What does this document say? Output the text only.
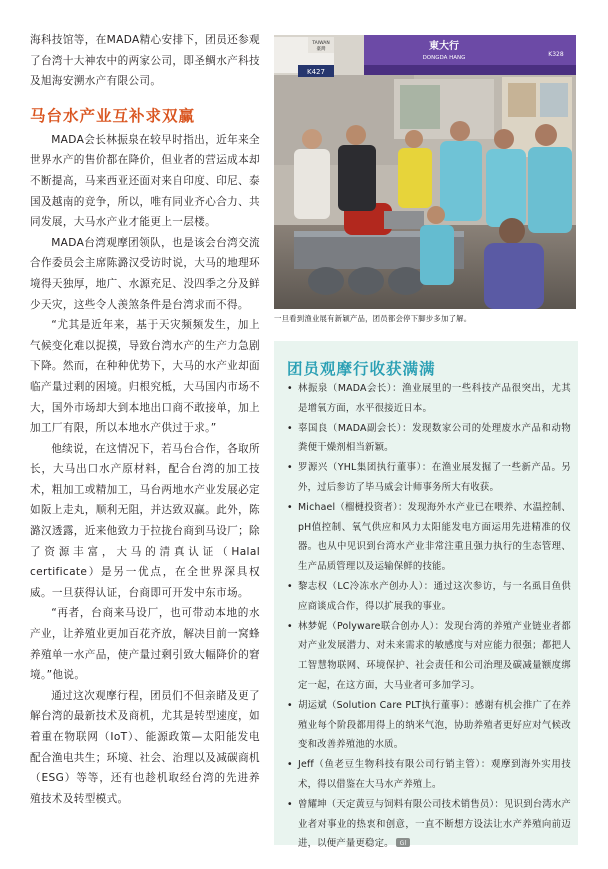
海科技馆等，在MADA精心安排下，团员还参观了台湾十大神农中的两家公司，即圣鲷水产科技及旭海安溯水产有限公司。

马台水产业互补求双赢

MADA会长林振泉在较早时指出，近年来全世界水产的售价都在降价，但业者的营运成本却不断提高，马来西亚还面对来自印度、印尼、泰国及越南的竞争，所以，唯有同业齐心合力、共同发展，大马水产业才能更上一层楼。

MADA台湾观摩团领队，也是该会台湾交流合作委员会主席陈潞汉受访时说，大马的地理环境得天独厚，地广、水源充足、没四季之分及鲜少天灾，这些令人羡煞条件是台湾求而不得。

“尤其是近年来，基于天灾频频发生，加上气候变化难以捉摸，导致台湾水产的生产力急剧下降。然而，在种种优势下，大马的水产业却面临产量过剩的困境。归根究柢，大马国内市场不大，国外市场却大到本地出口商不敢接单，加上加工厂有限，所以本地水产供过于求。”

他续说，在这情况下，若马台合作，各取所长，大马出口水产原材料，配合台湾的加工技术，粗加工或精加工，马台两地水产业发展必定如阪上走丸，顺利无阻，并达致双赢。此外，陈潞汉透露，近来他致力于拉拢台商到马设厂；除了资源丰富，大马的清真认证（Halal certificate）是另一优点，在全世界深具权威。一旦获得认证，台商即可开发中东市场。

“再者，台商来马设厂，也可带动本地的水产业，让养殖业更加百花齐放，解决目前一窝蜂养殖单一水产品，使产量过剩引致大幅降价的窘境。”他说。

通过这次观摩行程，团员们不但亲睹及更了解台湾的最新技术及商机，尤其是转型速度，如着重在物联网（IoT）、能源政策—太阳能发电配合渔电共生；环境、社会、治理以及减碳商机（ESG）等等，还有也趁机取经台湾的先进养殖技术及转型模式。

TAIWAN
臺灣
K427
東大行
DONGDA HANG	K328
一旦看到渔业展有新颖产品，团员都会停下脚步多加了解。
团员观摩行收获满满
• 林振泉（MADA会长）：渔业展里的一些科技产品很突出，尤其是增氧方面，水平很接近日本。
• 辜国良（MADA副会长）：发现数家公司的处理废水产品和动物粪便干燥剂相当新颖。
• 罗源兴（YHL集团执行董事）：在渔业展发掘了一些新产品。另外，过后参访了毕马威会计师事务所大有收获。
• Michael（榴槤投资者）：发现海外水产业已在喂养、水温控制、pH值控制、氧气供应和风力太阳能发电方面运用先进精准的仪器。也从中见识到台湾水产业非常注重且强力执行的生态管理、生产品质管理以及运输保鲜的技能。
• 黎志权（LC冷冻水产创办人）：通过这次参访，与一名虱目鱼供应商谈成合作，得以扩展我的事业。
• 林梦妮（Polyware联合创办人）：发现台湾的养殖产业链业者都对产业发展潜力、对未来需求的敏感度与对应能力很强；都把人工智慧物联网、环境保护、社会责任和公司治理及碳减量额度绑定一起，在这方面，大马业者可多加学习。
• 胡运斌（Solution Care PLT执行董事）：感谢有机会推广了在养殖业每个阶段都用得上的纳米气泡，协助养殖者更好应对气候改变和改善养殖池的水质。
• Jeff（鱼老豆生物科技有限公司行销主管）：观摩到海外实用技术，得以借鉴在大马水产养殖上。
• 曾耀坤（天定黄豆与饲料有限公司技术销售员）：见识到台湾水产业者对事业的热衷和创意，一直不断想方设法让水产养殖向前迈进，以便产量更稳定。 Gl
